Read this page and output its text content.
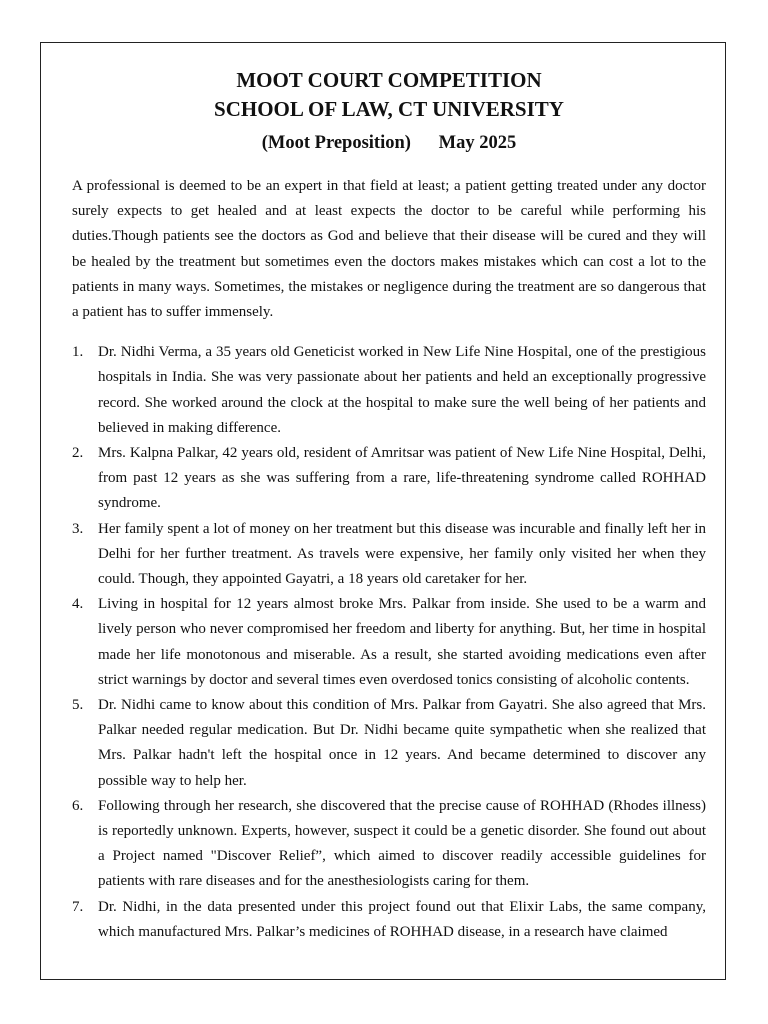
MOOT COURT COMPETITION
SCHOOL OF LAW, CT UNIVERSITY
(Moot Preposition) May 2025

A professional is deemed to be an expert in that field at least; a patient getting treated under any doctor surely expects to get healed and at least expects the doctor to be careful while performing his duties.Though patients see the doctors as God and believe that their disease will be cured and they will be healed by the treatment but sometimes even the doctors makes mistakes which can cost a lot to the patients in many ways. Sometimes, the mistakes or negligence during the treatment are so dangerous that a patient has to suffer immensely.

1. Dr. Nidhi Verma, a 35 years old Geneticist worked in New Life Nine Hospital, one of the prestigious hospitals in India. She was very passionate about her patients and held an exceptionally progressive record. She worked around the clock at the hospital to make sure the well being of her patients and believed in making difference.
2. Mrs. Kalpna Palkar, 42 years old, resident of Amritsar was patient of New Life Nine Hospital, Delhi, from past 12 years as she was suffering from a rare, life-threatening syndrome called ROHHAD syndrome.
3. Her family spent a lot of money on her treatment but this disease was incurable and finally left her in Delhi for her further treatment. As travels were expensive, her family only visited her when they could. Though, they appointed Gayatri, a 18 years old caretaker for her.
4. Living in hospital for 12 years almost broke Mrs. Palkar from inside. She used to be a warm and lively person who never compromised her freedom and liberty for anything. But, her time in hospital made her life monotonous and miserable. As a result, she started avoiding medications even after strict warnings by doctor and several times even overdosed tonics consisting of alcoholic contents.
5. Dr. Nidhi came to know about this condition of Mrs. Palkar from Gayatri. She also agreed that Mrs. Palkar needed regular medication. But Dr. Nidhi became quite sympathetic when she realized that Mrs. Palkar hadn't left the hospital once in 12 years. And became determined to discover any possible way to help her.
6. Following through her research, she discovered that the precise cause of ROHHAD (Rhodes illness) is reportedly unknown. Experts, however, suspect it could be a genetic disorder. She found out about a Project named "Discover Relief”, which aimed to discover readily accessible guidelines for patients with rare diseases and for the anesthesiologists caring for them.
7. Dr. Nidhi, in the data presented under this project found out that Elixir Labs, the same company, which manufactured Mrs. Palkar’s medicines of ROHHAD disease, in a research have claimed
